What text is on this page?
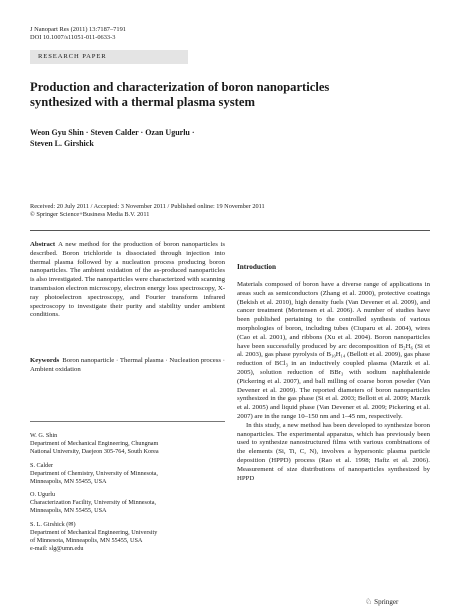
J Nanopart Res (2011) 13:7187–7191
DOI 10.1007/s11051-011-0633-3
RESEARCH PAPER
Production and characterization of boron nanoparticles
synthesized with a thermal plasma system
Weon Gyu Shin · Steven Calder · Ozan Ugurlu ·
Steven L. Girshick
Received: 20 July 2011 / Accepted: 3 November 2011 / Published online: 19 November 2011
© Springer Science+Business Media B.V. 2011

Abstract A new method for the production of boron nanoparticles is described. Boron trichloride is dissociated through injection into thermal plasma followed by a nucleation process producing boron nanoparticles. The ambient oxidation of the as-produced nanoparticles is also investigated. The nanoparticles were characterized with scanning transmission electron microscopy, electron energy loss spectroscopy, X-ray photoelectron spectroscopy, and Fourier transform infrared spectroscopy to investigate their purity and stability under ambient conditions.

Keywords Boron nanoparticle · Thermal plasma · Nucleation process · Ambient oxidation

W. G. Shin
Department of Mechanical Engineering, Chungnam
National University, Daejeon 305-764, South Korea
S. Calder
Department of Chemistry, University of Minnesota,
Minneapolis, MN 55455, USA
O. Ugurlu
Characterization Facility, University of Minnesota,
Minneapolis, MN 55455, USA
S. L. Girshick (✉)
Department of Mechanical Engineering, University
of Minnesota, Minneapolis, MN 55455, USA
e-mail: slg@umn.edu
Introduction

Materials composed of boron have a diverse range of applications in areas such as semiconductors (Zhang et al. 2000), protective coatings (Bekish et al. 2010), high density fuels (Van Devener et al. 2009), and cancer treatment (Mortensen et al. 2006). A number of studies have been published pertaining to the controlled synthesis of various morphologies of boron, including tubes (Ciuparu et al. 2004), wires (Cao et al. 2001), and ribbons (Xu et al. 2004). Boron nanoparticles have been successfully produced by arc decomposition of B₂H₆ (Si et al. 2003), gas phase pyrolysis of B₁₀H₁₄ (Bellott et al. 2009), gas phase reduction of BCl₃ in an inductively coupled plasma (Marzik et al. 2005), solution reduction of BBr₃ with sodium naphthalenide (Pickering et al. 2007), and ball milling of coarse boron powder (Van Devener et al. 2009). The reported diameters of boron nanoparticles synthesized in the gas phase (Si et al. 2003; Bellott et al. 2009; Marzik et al. 2005) and liquid phase (Van Devener et al. 2009; Pickering et al. 2007) are in the range 10–150 nm and 1–45 nm, respectively.

In this study, a new method has been developed to synthesize boron nanoparticles. The experimental apparatus, which has previously been used to synthesize nanostructured films with various combinations of the elements (Si, Ti, C, N), involves a hypersonic plasma particle deposition (HPPD) process (Rao et al. 1998; Hafiz et al. 2006). Measurement of size distributions of nanoparticles synthesized by HPPD

♘ Springer
